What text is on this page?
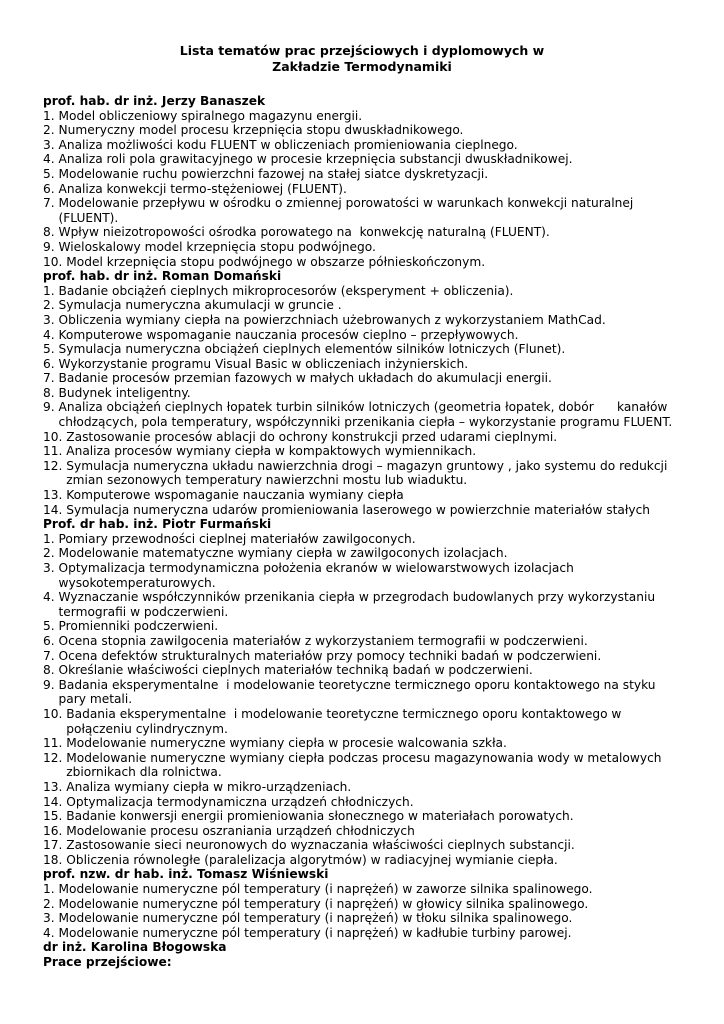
Lista tematów prac przejściowych i dyplomowych w
Zakładzie Termodynamiki
prof. hab. dr inż. Jerzy Banaszek
1.
Model obliczeniowy spiralnego magazynu energii.
2.
Numeryczny model procesu krzepnięcia stopu dwuskładnikowego.
3.
Analiza możliwości kodu FLUENT w obliczeniach promieniowania cieplnego.
4.
Analiza roli pola grawitacyjnego w procesie krzepnięcia substancji dwuskładnikowej.
5.
Modelowanie ruchu powierzchni fazowej na stałej siatce dyskretyzacji.
6.
Analiza konwekcji termo-stężeniowej (FLUENT).
7.
Modelowanie przepływu w ośrodku o zmiennej porowatości w warunkach konwekcji naturalnej (FLUENT).
8.
Wpływ nieizotropowości ośrodka porowatego na  konwekcję naturalną (FLUENT).
9.
Wieloskalowy model krzepnięcia stopu podwójnego.
10.
Model krzepnięcia stopu podwójnego w obszarze półnieskończonym.
prof. hab. dr inż. Roman Domański
1.
Badanie obciążeń cieplnych mikroprocesorów (eksperyment + obliczenia).
2.
Symulacja numeryczna akumulacji w gruncie .
3.
Obliczenia wymiany ciepła na powierzchniach użebrowanych z wykorzystaniem MathCad.
4.
Komputerowe wspomaganie nauczania procesów cieplno – przepływowych.
5.
Symulacja numeryczna obciążeń cieplnych elementów silników lotniczych (Flunet).
6.
Wykorzystanie programu Visual Basic w obliczeniach inżynierskich.
7.
Badanie procesów przemian fazowych w małych układach do akumulacji energii.
8.
Budynek inteligentny.
9.
Analiza obciążeń cieplnych łopatek turbin silników lotniczych (geometria łopatek, dobór      kanałów chłodzących, pola temperatury, współczynniki przenikania ciepła – wykorzystanie programu FLUENT.
10.
Zastosowanie procesów ablacji do ochrony konstrukcji przed udarami cieplnymi.
11.
Analiza procesów wymiany ciepła w kompaktowych wymiennikach.
12.
Symulacja numeryczna układu nawierzchnia drogi – magazyn gruntowy , jako systemu do redukcji zmian sezonowych temperatury nawierzchni mostu lub wiaduktu.
13.
Komputerowe wspomaganie nauczania wymiany ciepła
14.
Symulacja numeryczna udarów promieniowania laserowego w powierzchnie materiałów stałych
Prof. dr hab. inż. Piotr Furmański
1.
Pomiary przewodności cieplnej materiałów zawilgoconych.
2.
Modelowanie matematyczne wymiany ciepła w zawilgoconych izolacjach.
3.
Optymalizacja termodynamiczna położenia ekranów w wielowarstwowych izolacjach wysokotemperaturowych.
4.
Wyznaczanie współczynników przenikania ciepła w przegrodach budowlanych przy wykorzystaniu termografii w podczerwieni.
5.
Promienniki podczerwieni.
6.
Ocena stopnia zawilgocenia materiałów z wykorzystaniem termografii w podczerwieni.
7.
Ocena defektów strukturalnych materiałów przy pomocy techniki badań w podczerwieni.
8.
Określanie właściwości cieplnych materiałów techniką badań w podczerwieni.
9.
Badania eksperymentalne  i modelowanie teoretyczne termicznego oporu kontaktowego na styku pary metali.
10.
Badania eksperymentalne  i modelowanie teoretyczne termicznego oporu kontaktowego w połączeniu cylindrycznym.
11.
Modelowanie numeryczne wymiany ciepła w procesie walcowania szkła.
12.
Modelowanie numeryczne wymiany ciepła podczas procesu magazynowania wody w metalowych zbiornikach dla rolnictwa.
13.
Analiza wymiany ciepła w mikro-urządzeniach.
14.
Optymalizacja termodynamiczna urządzeń chłodniczych.
15.
Badanie konwersji energii promieniowania słonecznego w materiałach porowatych.
16.
Modelowanie procesu oszraniania urządzeń chłodniczych
17.
Zastosowanie sieci neuronowych do wyznaczania właściwości cieplnych substancji.
18.
Obliczenia równoległe (paralelizacja algorytmów) w radiacyjnej wymianie ciepła.
prof. nzw. dr hab. inż. Tomasz Wiśniewski
1.
Modelowanie numeryczne pól temperatury (i naprężeń) w zaworze silnika spalinowego.
2.
Modelowanie numeryczne pól temperatury (i naprężeń) w głowicy silnika spalinowego.
3.
Modelowanie numeryczne pól temperatury (i naprężeń) w tłoku silnika spalinowego.
4.
Modelowanie numeryczne pól temperatury (i naprężeń) w kadłubie turbiny parowej.
dr inż. Karolina Błogowska
Prace przejściowe:
